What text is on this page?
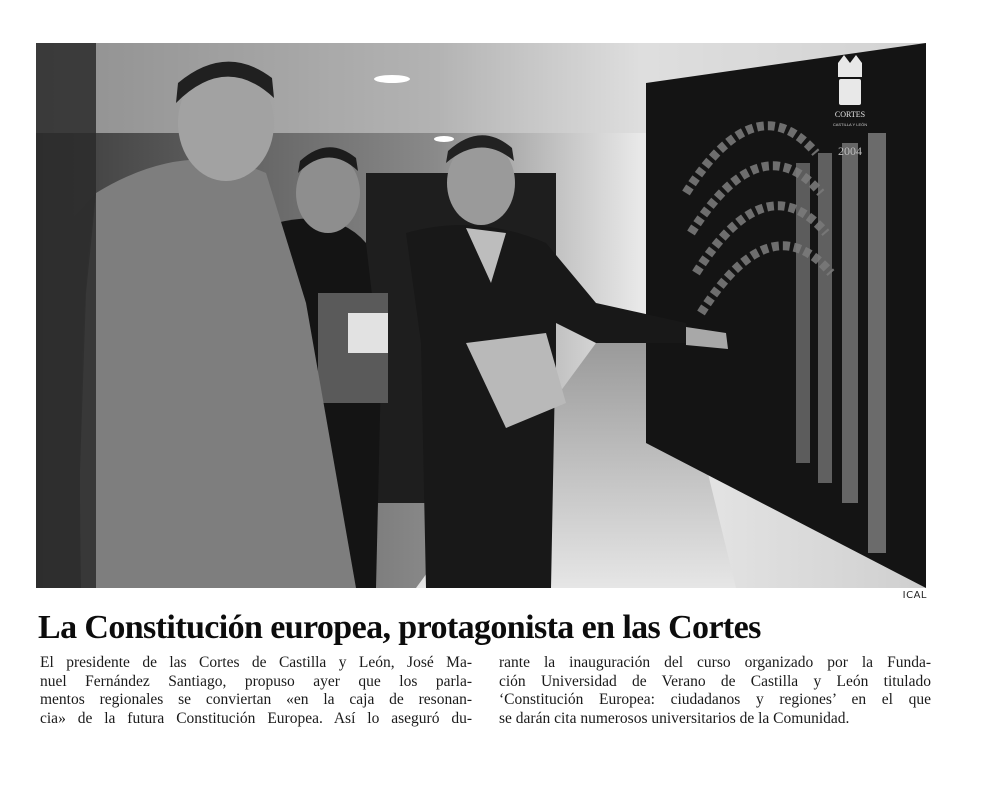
CORTES
CASTILLA Y LEÓN
2004
ICAL
La Constitución europea, protagonista en las Cortes
El presidente de las Cortes de Castilla y León, José Ma-
nuel Fernández Santiago, propuso ayer que los parla-
mentos regionales se conviertan «en la caja de resonan-
cia» de la futura Constitución Europea. Así lo aseguró du-
rante la inauguración del curso organizado por la Funda-
ción Universidad de Verano de Castilla y León titulado
‘Constitución Europea: ciudadanos y regiones’ en el que
se darán cita numerosos universitarios de la Comunidad.
